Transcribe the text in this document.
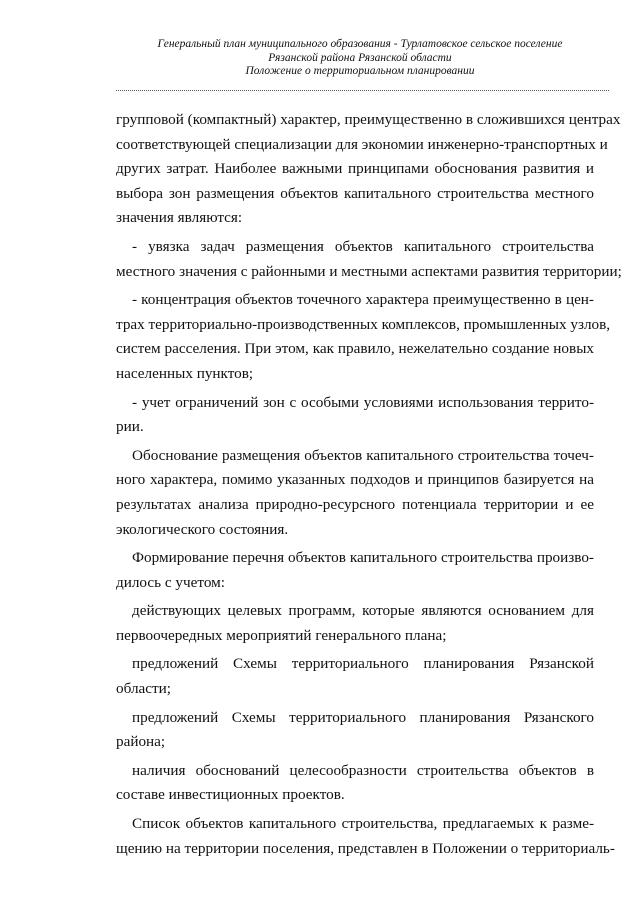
Генеральный план муниципального образования - Турлатовское сельское поселение
Рязанской района Рязанской области
Положение о территориальном планировании

групповой (компактный) характер, преимущественно в сложившихся центрах

соответствующей специализации для экономии инженерно-транспортных и

других затрат. Наиболее важными принципами обоснования развития и

выбора зон размещения объектов капитального строительства местного

значения являются:

- увязка задач размещения объектов капитального строительства

местного значения с районными и местными аспектами развития территории;

- концентрация объектов точечного характера преимущественно в цен-

трах территориально-производственных комплексов, промышленных узлов,

систем расселения. При этом, как правило, нежелательно создание новых

населенных пунктов;

- учет ограничений зон с особыми условиями использования террито-

рии.

Обоснование размещения объектов капитального строительства точеч-

ного характера, помимо указанных подходов и принципов базируется на

результатах анализа природно-ресурсного потенциала территории и ее

экологического состояния.

Формирование перечня объектов капитального строительства произво-

дилось с учетом:

действующих целевых программ, которые являются основанием для

первоочередных мероприятий генерального плана;

предложений Схемы территориального планирования Рязанской

области;

предложений Схемы территориального планирования Рязанского

района;

наличия обоснований целесообразности строительства объектов в

составе инвестиционных проектов.

Список объектов капитального строительства, предлагаемых к разме-

щению на территории поселения, представлен в Положении о территориаль-
